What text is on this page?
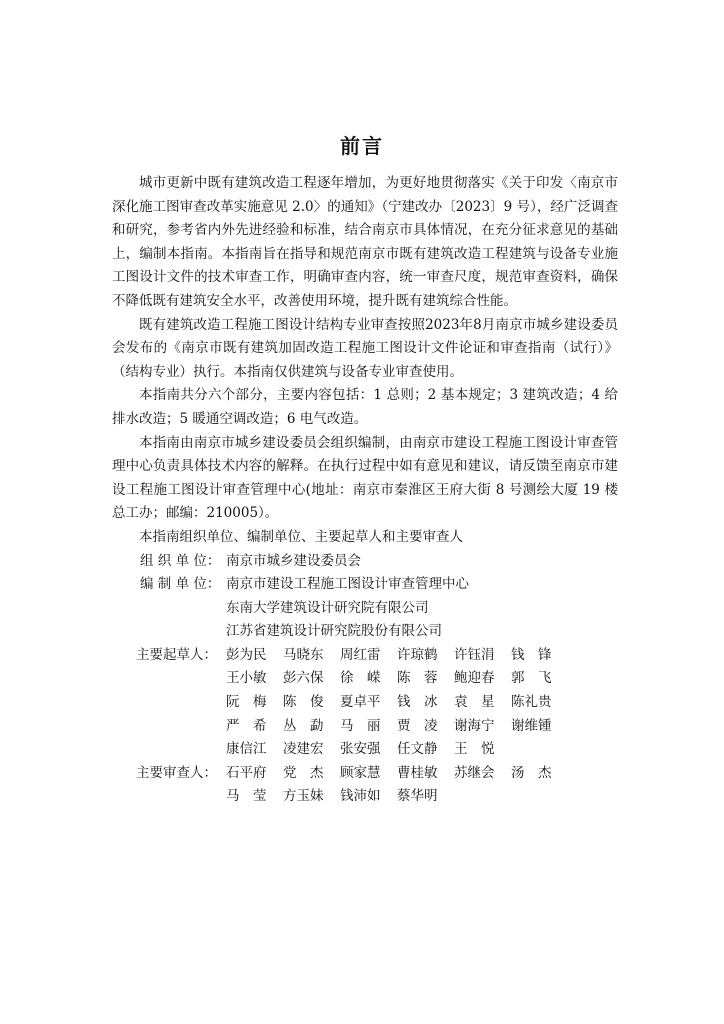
前言

城市更新中既有建筑改造工程逐年增加，为更好地贯彻落实《关于印发〈南京市深化施工图审查改革实施意见 2.0〉的通知》（宁建改办〔2023〕9 号），经广泛调查和研究，参考省内外先进经验和标准，结合南京市具体情况，在充分征求意见的基础上，编制本指南。本指南旨在指导和规范南京市既有建筑改造工程建筑与设备专业施工图设计文件的技术审查工作，明确审查内容，统一审查尺度，规范审查资料，确保不降低既有建筑安全水平，改善使用环境，提升既有建筑综合性能。

既有建筑改造工程施工图设计结构专业审查按照2023年8月南京市城乡建设委员会发布的《南京市既有建筑加固改造工程施工图设计文件论证和审查指南（试行）》（结构专业）执行。本指南仅供建筑与设备专业审查使用。

本指南共分六个部分，主要内容包括：1 总则；2 基本规定；3 建筑改造；4 给排水改造；5 暖通空调改造；6 电气改造。

本指南由南京市城乡建设委员会组织编制，由南京市建设工程施工图设计审查管理中心负责具体技术内容的解释。在执行过程中如有意见和建议，请反馈至南京市建设工程施工图设计审查管理中心(地址：南京市秦淮区王府大街 8 号测绘大厦 19 楼总工办；邮编：210005）。

本指南组织单位、编制单位、主要起草人和主要审查人

组 织 单 位： 南京市城乡建设委员会
编 制 单 位： 南京市建设工程施工图设计审查管理中心
东南大学建筑设计研究院有限公司
江苏省建筑设计研究院股份有限公司
主要起草人： 彭为民	马晓东	周红雷	许琼鹤	许钰涓	钱　锋
王小敏	彭六保	徐　嵘	陈　蓉	鲍迎春	郭　飞
阮　梅	陈　俊	夏卓平	钱　冰	袁　星	陈礼贵
严　希	丛　勐	马　丽	贾　凌	谢海宁	谢维锺
康信江	凌建宏	张安强	任文静	王　悦
主要审查人： 石平府	党　杰	顾家慧	曹桂敏	苏继会	汤　杰
马　莹	方玉妹	钱沛如	蔡华明
